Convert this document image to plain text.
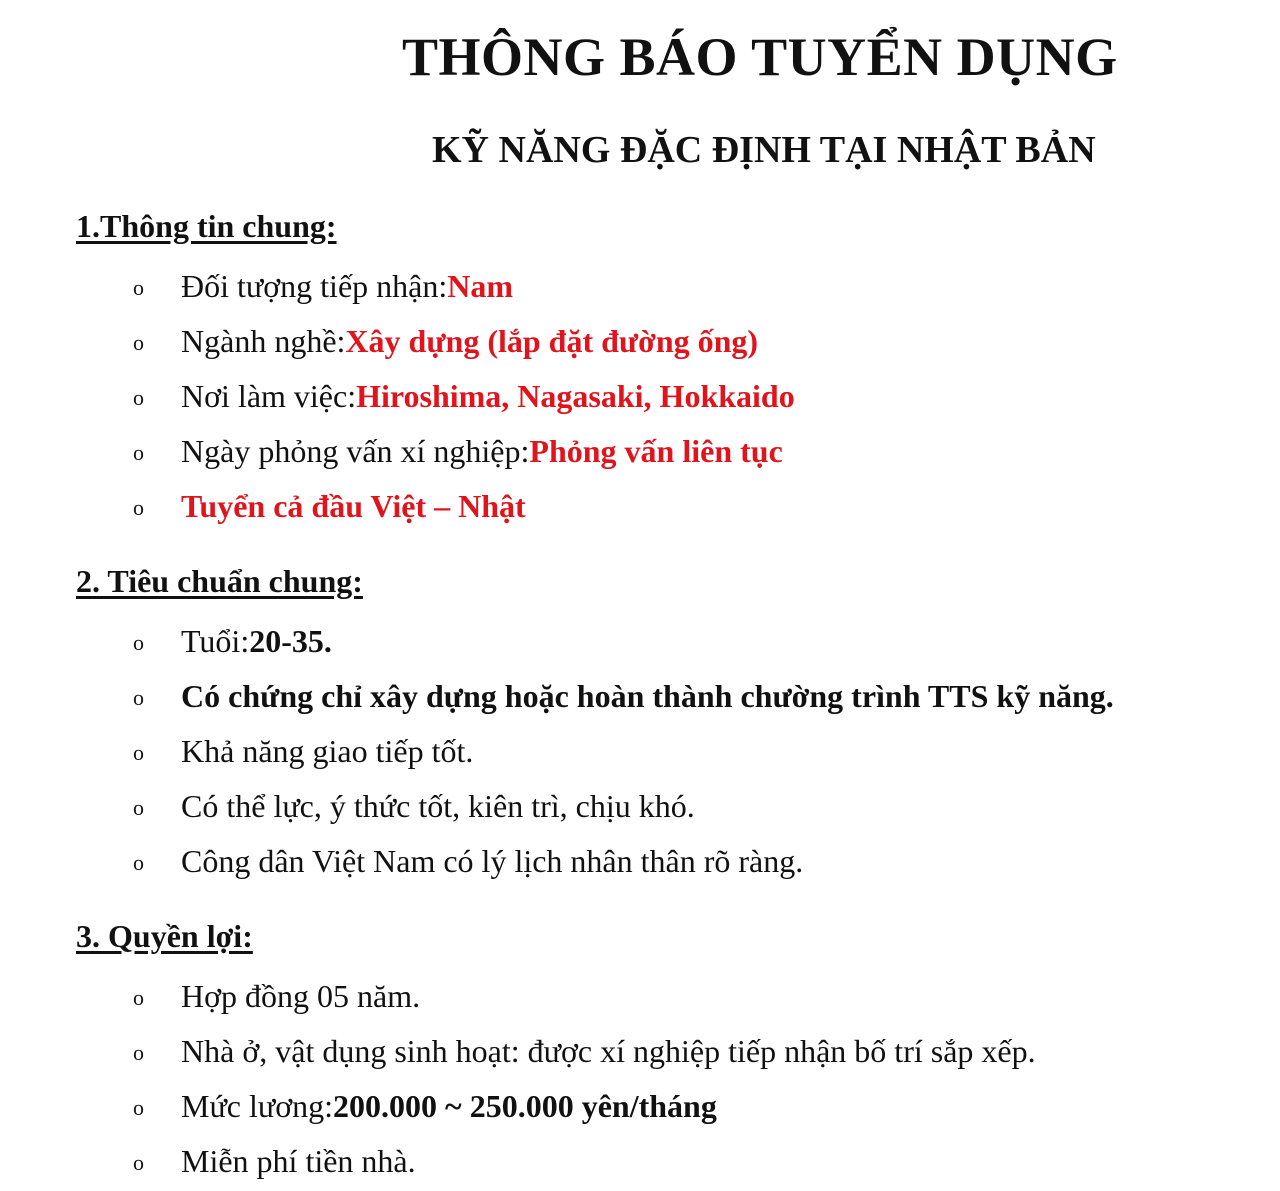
THÔNG BÁO TUYỂN DỤNG
KỸ NĂNG ĐẶC ĐỊNH TẠI NHẬT BẢN
1.Thông tin chung:
o	Đối tượng tiếp nhận: Nam
o	Ngành nghề: Xây dựng (lắp đặt đường ống)
o	Nơi làm việc: Hiroshima, Nagasaki, Hokkaido
o	Ngày phỏng vấn xí nghiệp: Phỏng vấn liên tục
o	Tuyển cả đầu Việt – Nhật
2. Tiêu chuẩn chung:
o	Tuổi: 20-35.
o	Có chứng chỉ xây dựng hoặc hoàn thành chường trình TTS kỹ năng.
o	Khả năng giao tiếp tốt.
o	Có thể lực, ý thức tốt, kiên trì, chịu khó.
o	Công dân Việt Nam có lý lịch nhân thân rõ ràng.
3. Quyền lợi:
o	Hợp đồng 05 năm.
o	Nhà ở, vật dụng sinh hoạt: được xí nghiệp tiếp nhận bố trí sắp xếp.
o	Mức lương: 200.000 ~ 250.000 yên/tháng
o	Miễn phí tiền nhà.
